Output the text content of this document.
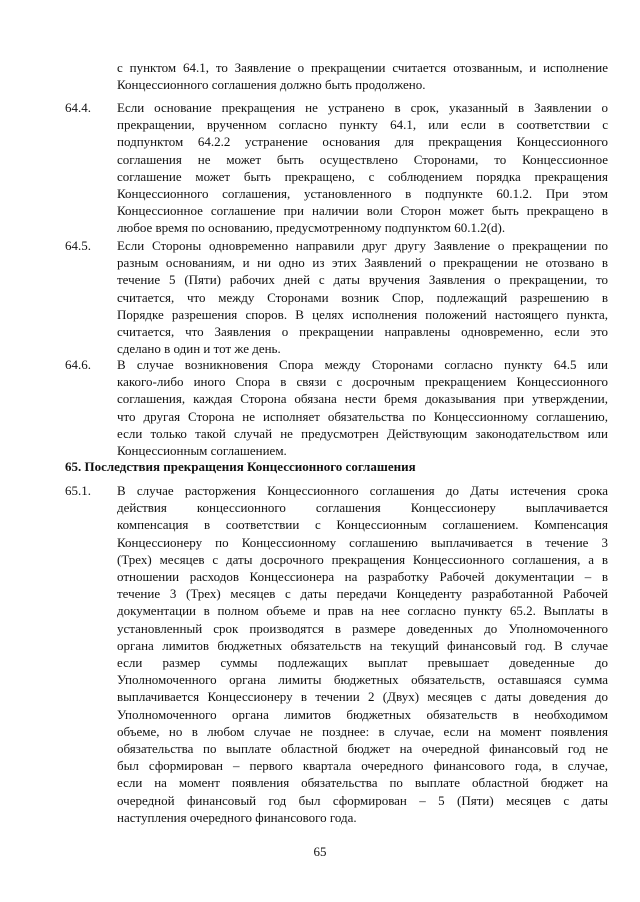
с пунктом 64.1, то Заявление о прекращении считается отозванным, и исполнение
Концессионного соглашения должно быть продолжено.
64.4. Если основание прекращения не устранено в срок, указанный в Заявлении о
прекращении, врученном согласно пункту 64.1, или если в соответствии с
подпунктом 64.2.2 устранение основания для прекращения Концессионного
соглашения не может быть осуществлено Сторонами, то Концессионное
соглашение может быть прекращено, с соблюдением порядка прекращения
Концессионного соглашения, установленного в подпункте 60.1.2. При этом
Концессионное соглашение при наличии воли Сторон может быть прекращено в
любое время по основанию, предусмотренному подпунктом 60.1.2(d).
64.5. Если Стороны одновременно направили друг другу Заявление о прекращении по
разным основаниям, и ни одно из этих Заявлений о прекращении не отозвано в
течение 5 (Пяти) рабочих дней с даты вручения Заявления о прекращении, то
считается, что между Сторонами возник Спор, подлежащий разрешению в
Порядке разрешения споров. В целях исполнения положений настоящего пункта,
считается, что Заявления о прекращении направлены одновременно, если это
сделано в один и тот же день.
64.6. В случае возникновения Спора между Сторонами согласно пункту 64.5 или
какого-либо иного Спора в связи с досрочным прекращением Концессионного
соглашения, каждая Сторона обязана нести бремя доказывания при утверждении,
что другая Сторона не исполняет обязательства по Концессионному соглашению,
если только такой случай не предусмотрен Действующим законодательством или
Концессионным соглашением.
65. Последствия прекращения Концессионного соглашения
65.1. В случае расторжения Концессионного соглашения до Даты истечения срока
действия концессионного соглашения Концессионеру выплачивается
компенсация в соответствии с Концессионным соглашением. Компенсация
Концессионеру по Концессионному соглашению выплачивается в течение 3
(Трех) месяцев с даты досрочного прекращения Концессионного соглашения, а в
отношении расходов Концессионера на разработку Рабочей документации – в
течение 3 (Трех) месяцев с даты передачи Концеденту разработанной Рабочей
документации в полном объеме и прав на нее согласно пункту 65.2. Выплаты в
установленный срок производятся в размере доведенных до Уполномоченного
органа лимитов бюджетных обязательств на текущий финансовый год. В случае
если размер суммы подлежащих выплат превышает доведенные до
Уполномоченного органа лимиты бюджетных обязательств, оставшаяся сумма
выплачивается Концессионеру в течении 2 (Двух) месяцев с даты доведения до
Уполномоченного органа лимитов бюджетных обязательств в необходимом
объеме, но в любом случае не позднее: в случае, если на момент появления
обязательства по выплате областной бюджет на очередной финансовый год не
был сформирован – первого квартала очередного финансового года, в случае,
если на момент появления обязательства по выплате областной бюджет на
очередной финансовый год был сформирован – 5 (Пяти) месяцев с даты
наступления очередного финансового года.
65
